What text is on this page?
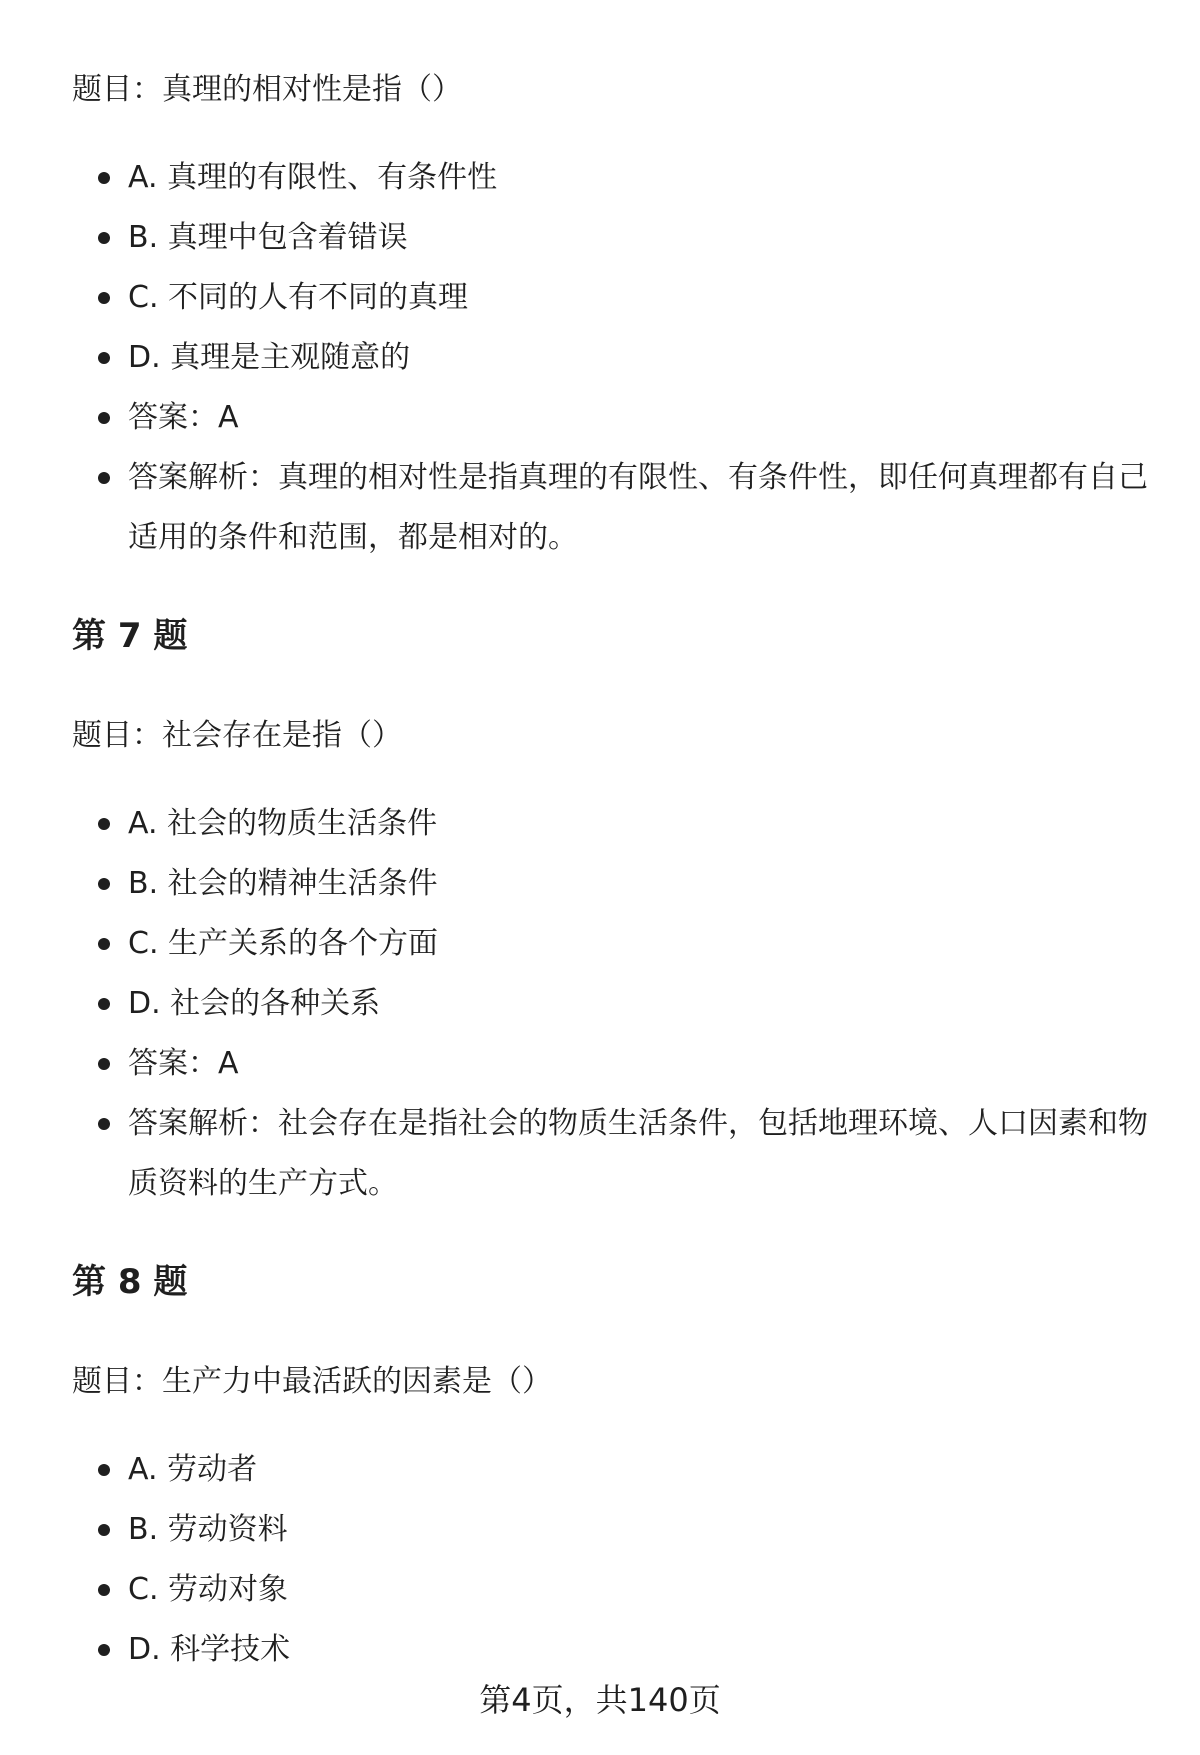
题目：真理的相对性是指（）

A. 真理的有限性、有条件性
B. 真理中包含着错误
C. 不同的人有不同的真理
D. 真理是主观随意的
答案：A
答案解析：真理的相对性是指真理的有限性、有条件性，即任何真理都有自己适用的条件和范围，都是相对的。
第 7 题

题目：社会存在是指（）

A. 社会的物质生活条件
B. 社会的精神生活条件
C. 生产关系的各个方面
D. 社会的各种关系
答案：A
答案解析：社会存在是指社会的物质生活条件，包括地理环境、人口因素和物质资料的生产方式。
第 8 题

题目：生产力中最活跃的因素是（）

A. 劳动者
B. 劳动资料
C. 劳动对象
D. 科学技术
第4页，共140页
